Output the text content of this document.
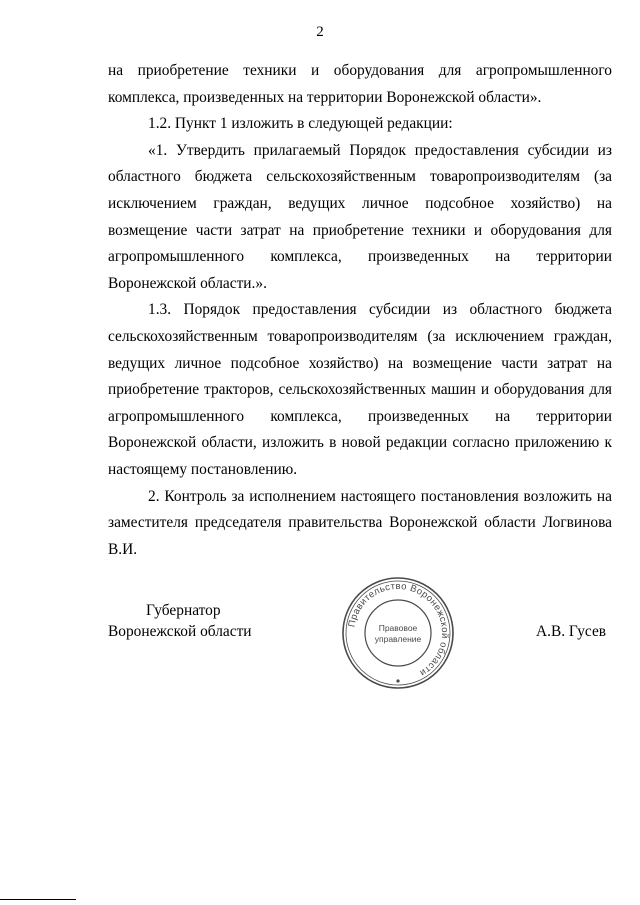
2

на приобретение техники и оборудования для агропромышленного комплекса, произведенных на территории Воронежской области».

1.2. Пункт 1 изложить в следующей редакции:

«1. Утвердить прилагаемый Порядок предоставления субсидии из областного бюджета сельскохозяйственным товаропроизводителям (за исключением граждан, ведущих личное подсобное хозяйство) на возмещение части затрат на приобретение техники и оборудования для агропромышленного комплекса, произведенных на территории Воронежской области.».

1.3. Порядок предоставления субсидии из областного бюджета сельскохозяйственным товаропроизводителям (за исключением граждан, ведущих личное подсобное хозяйство) на возмещение части затрат на приобретение тракторов, сельскохозяйственных машин и оборудования для агропромышленного комплекса, произведенных на территории Воронежской области, изложить в новой редакции согласно приложению к настоящему постановлению.

2. Контроль за исполнением настоящего постановления возложить на заместителя председателя правительства Воронежской области Логвинова В.И.

Губернатор
Воронежской области	Правительство Воронежской области
Правовое
управление	А.В. Гусев
